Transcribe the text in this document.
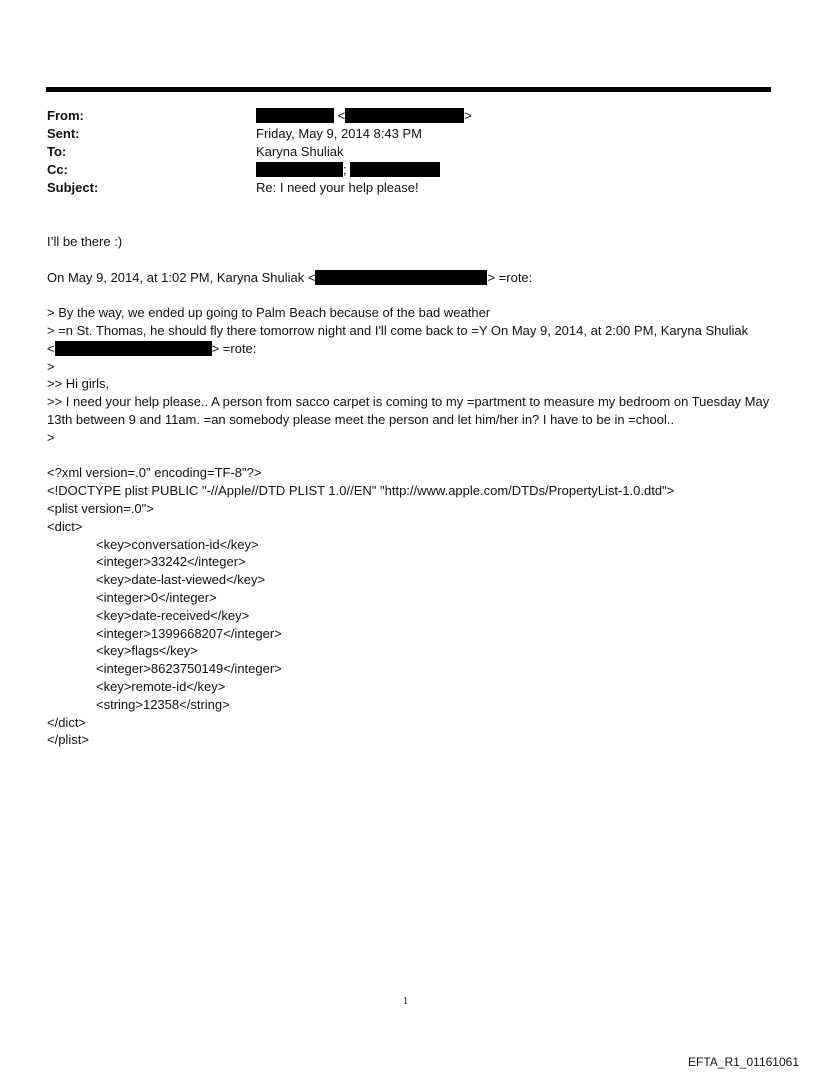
From:	<	>
Sent:	Friday, May 9, 2014 8:43 PM
To:	Karyna Shuliak
Cc:	;
Subject:	Re: I need your help please!

I’ll be there :)

On May 9, 2014, at 1:02 PM, Karyna Shuliak <	> =rote:

> By the way, we ended up going to Palm Beach because of the bad weather

> =n St. Thomas, he should fly there tomorrow night and I'll come back to =Y On May 9, 2014, at 2:00 PM, Karyna Shuliak

<	> =rote:

>

>> Hi girls,

>> I need your help please.. A person from sacco carpet is coming to my =partment to measure my bedroom on Tuesday May 13th between 9 and 11am. =an somebody please meet the person and let him/her in? I have to be in =chool..

>

<?xml version=.0" encoding=TF-8"?>

<!DOCTYPE plist PUBLIC "-//Apple//DTD PLIST 1.0//EN" "http://www.apple.com/DTDs/PropertyList-1.0.dtd">

<plist version=.0">

<dict>

<key>conversation-id</key>

<integer>33242</integer>

<key>date-last-viewed</key>

<integer>0</integer>

<key>date-received</key>

<integer>1399668207</integer>

<key>flags</key>

<integer>8623750149</integer>

<key>remote-id</key>

<string>12358</string>

</dict>

</plist>

1
EFTA_R1_01161061
